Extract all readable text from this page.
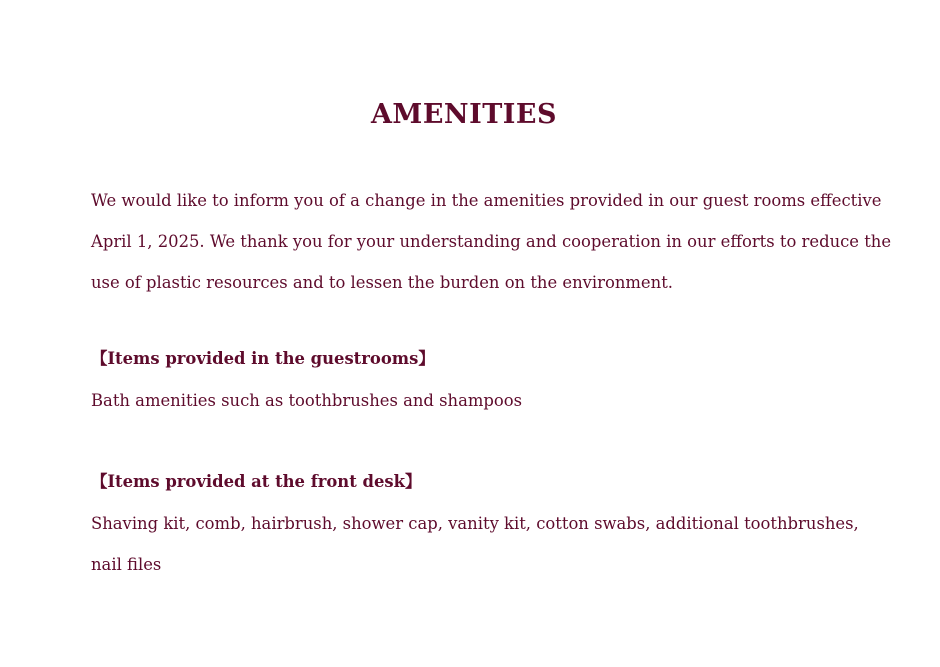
AMENITIES

We would like to inform you of a change in the amenities provided in our guest rooms effective
April 1, 2025. We thank you for your understanding and cooperation in our efforts to reduce the
use of plastic resources and to lessen the burden on the environment.

【Items provided in the guestrooms】

Bath amenities such as toothbrushes and shampoos

【Items provided at the front desk】

Shaving kit, comb, hairbrush, shower cap, vanity kit, cotton swabs, additional toothbrushes,
nail files
